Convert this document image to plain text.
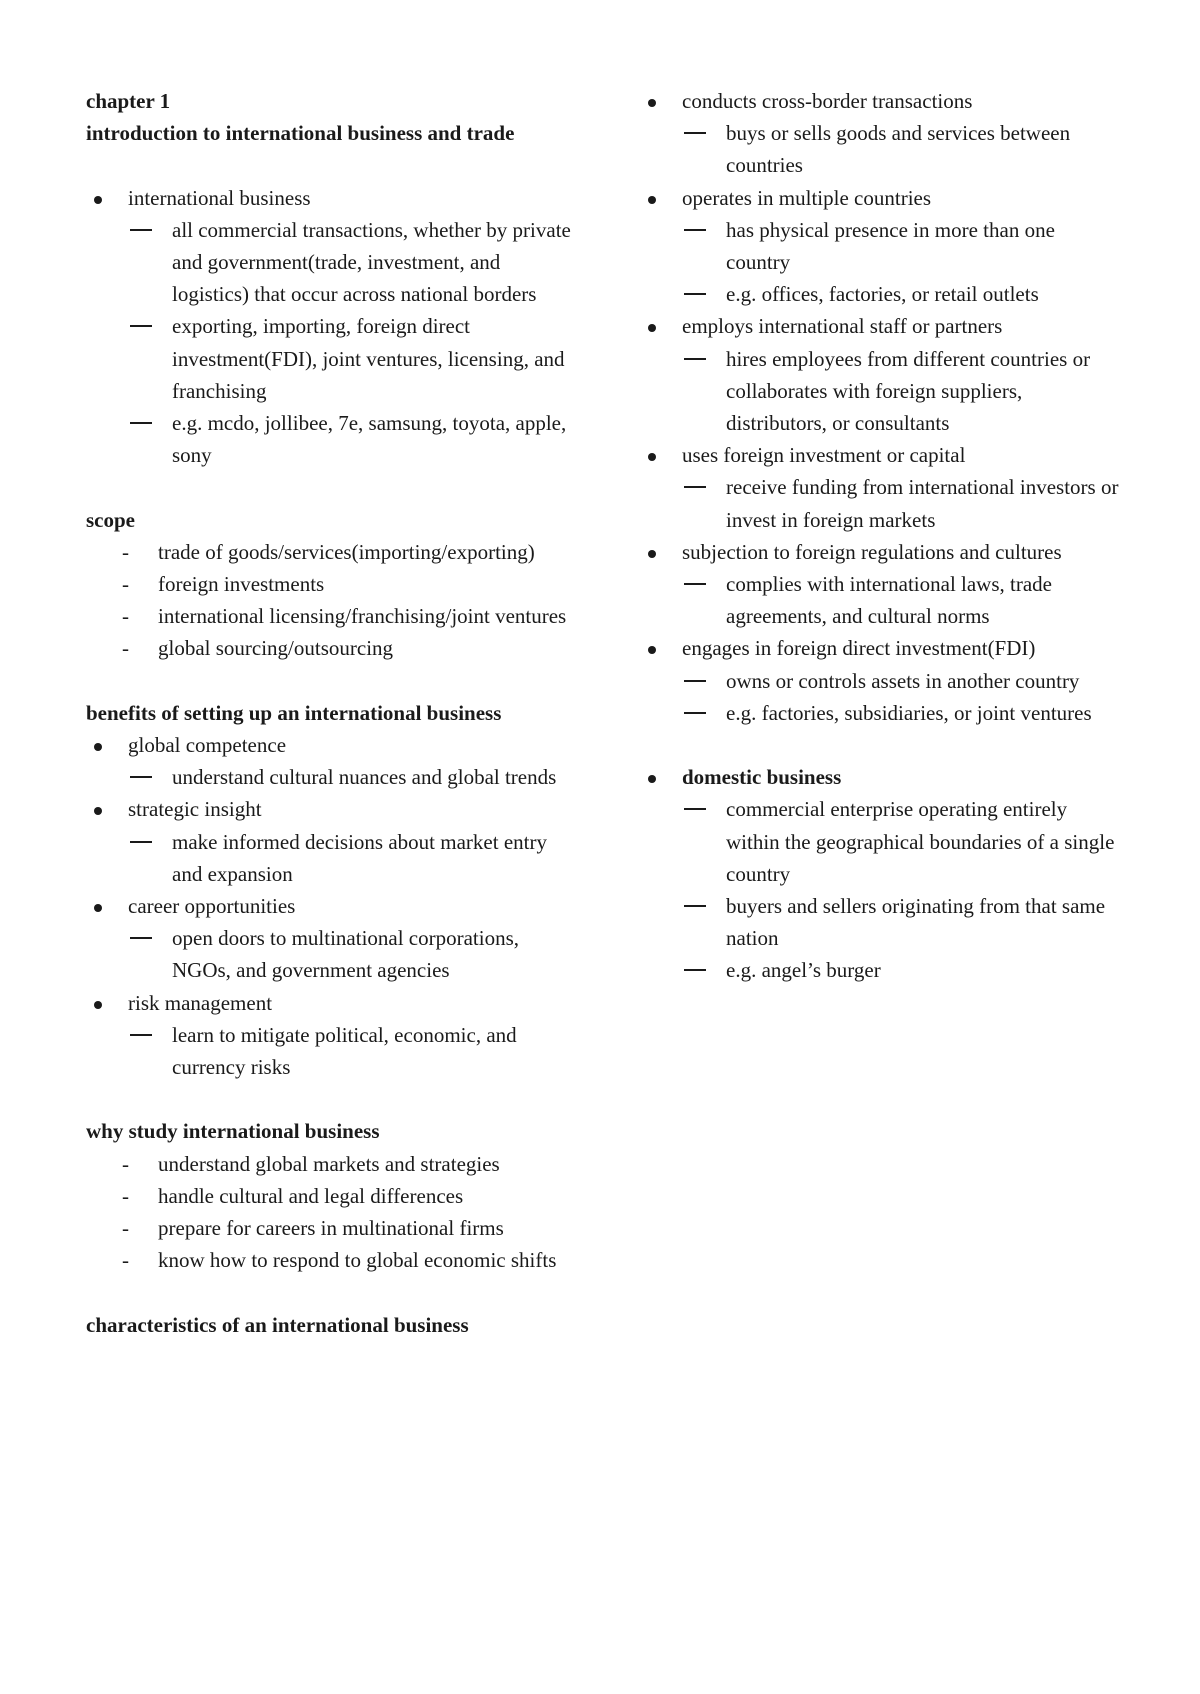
chapter 1
introduction to international business and trade
international business
all commercial transactions, whether by private and government(trade, investment, and logistics) that occur across national borders
exporting, importing, foreign direct investment(FDI), joint ventures, licensing, and franchising
e.g. mcdo, jollibee, 7e, samsung, toyota, apple, sony
scope
- trade of goods/services(importing/exporting)
- foreign investments
- international licensing/franchising/joint ventures
- global sourcing/outsourcing
benefits of setting up an international business
global competence
understand cultural nuances and global trends
strategic insight
make informed decisions about market entry and expansion
career opportunities
open doors to multinational corporations, NGOs, and government agencies
risk management
learn to mitigate political, economic, and currency risks
why study international business
- understand global markets and strategies
- handle cultural and legal differences
- prepare for careers in multinational firms
- know how to respond to global economic shifts
characteristics of an international business
conducts cross-border transactions
buys or sells goods and services between countries
operates in multiple countries
has physical presence in more than one country
e.g. offices, factories, or retail outlets
employs international staff or partners
hires employees from different countries or collaborates with foreign suppliers, distributors, or consultants
uses foreign investment or capital
receive funding from international investors or invest in foreign markets
subjection to foreign regulations and cultures
complies with international laws, trade agreements, and cultural norms
engages in foreign direct investment(FDI)
owns or controls assets in another country
e.g. factories, subsidiaries, or joint ventures
domestic business
commercial enterprise operating entirely within the geographical boundaries of a single country
buyers and sellers originating from that same nation
e.g. angel’s burger
